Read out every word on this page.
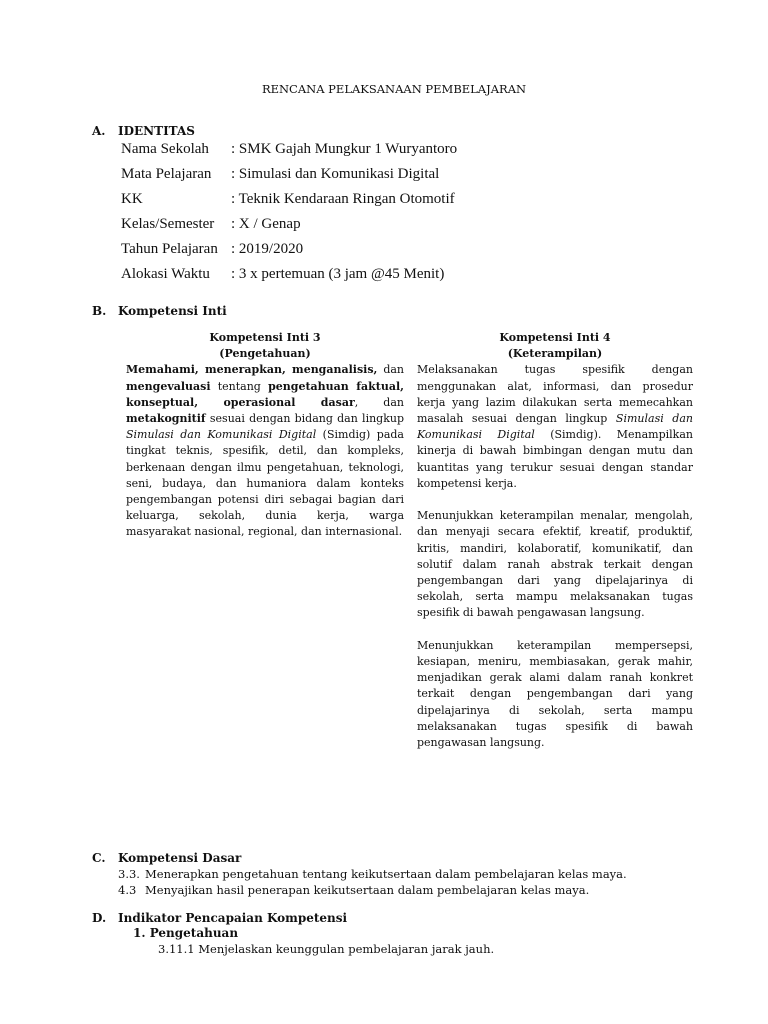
RENCANA PELAKSANAAN PEMBELAJARAN
A. IDENTITAS
Nama Sekolah : SMK Gajah Mungkur 1 Wuryantoro
Mata Pelajaran : Simulasi dan Komunikasi Digital
KK	: Teknik Kendaraan Ringan Otomotif
Kelas/Semester : X / Genap
Tahun Pelajaran : 2019/2020
Alokasi Waktu : 3 x pertemuan (3 jam @45 Menit)
B. Kompetensi Inti
Kompetensi Inti 3
(Pengetahuan)

Memahami, menerapkan, menganalisis, dan mengevaluasi tentang pengetahuan faktual, konseptual, operasional dasar, dan metakognitif sesuai dengan bidang dan lingkup Simulasi dan Komunikasi Digital (Simdig) pada tingkat teknis, spesifik, detil, dan kompleks, berkenaan dengan ilmu pengetahuan, teknologi, seni, budaya, dan humaniora dalam konteks pengembangan potensi diri sebagai bagian dari keluarga, sekolah, dunia kerja, warga masyarakat nasional, regional, dan internasional.

Kompetensi Inti 4
(Keterampilan)

Melaksanakan tugas spesifik dengan menggunakan alat, informasi, dan prosedur kerja yang lazim dilakukan serta memecahkan masalah sesuai dengan lingkup Simulasi dan Komunikasi Digital (Simdig). Menampilkan kinerja di bawah bimbingan dengan mutu dan kuantitas yang terukur sesuai dengan standar kompetensi kerja.

Menunjukkan keterampilan menalar, mengolah, dan menyaji secara efektif, kreatif, produktif, kritis, mandiri, kolaboratif, komunikatif, dan solutif dalam ranah abstrak terkait dengan pengembangan dari yang dipelajarinya di sekolah, serta mampu melaksanakan tugas spesifik di bawah pengawasan langsung.

Menunjukkan keterampilan mempersepsi, kesiapan, meniru, membiasakan, gerak mahir, menjadikan gerak alami dalam ranah konkret terkait dengan pengembangan dari yang dipelajarinya di sekolah, serta mampu melaksanakan tugas spesifik di bawah pengawasan langsung.

C. Kompetensi Dasar
3.3. Menerapkan pengetahuan tentang keikutsertaan dalam pembelajaran kelas maya.
4.3 Menyajikan hasil penerapan keikutsertaan dalam pembelajaran kelas maya.
D. Indikator Pencapaian Kompetensi
1. Pengetahuan
3.11.1 Menjelaskan keunggulan pembelajaran jarak jauh.
